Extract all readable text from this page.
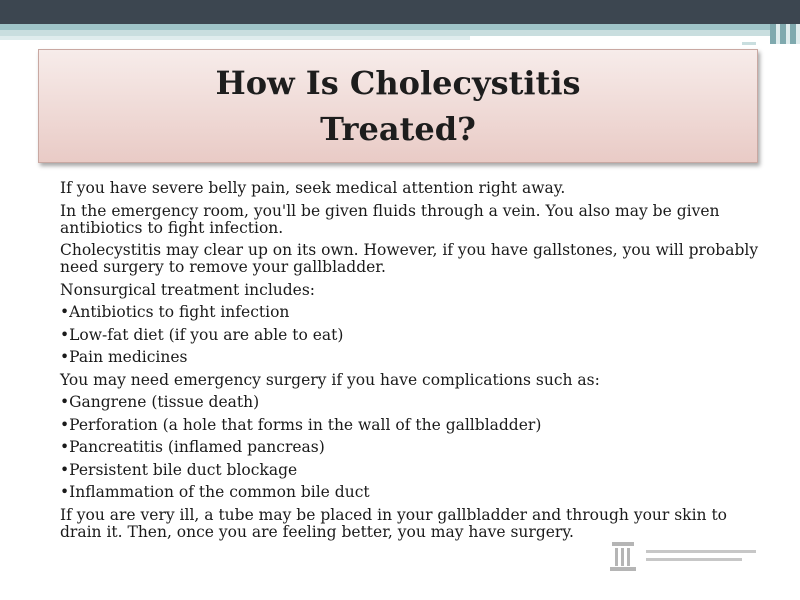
How Is Cholecystitis
Treated?

If you have severe belly pain, seek medical attention right away.

In the emergency room, you'll be given fluids through a vein. You also may be given antibiotics to fight infection.

Cholecystitis may clear up on its own. However, if you have gallstones, you will probably need surgery to remove your gallbladder.

Nonsurgical treatment includes:

•Antibiotics to fight infection

•Low-fat diet (if you are able to eat)

•Pain medicines

You may need emergency surgery if you have complications such as:

•Gangrene (tissue death)

•Perforation (a hole that forms in the wall of the gallbladder)

•Pancreatitis (inflamed pancreas)

•Persistent bile duct blockage

•Inflammation of the common bile duct

If you are very ill, a tube may be placed in your gallbladder and through your skin to drain it. Then, once you are feeling better, you may have surgery.
